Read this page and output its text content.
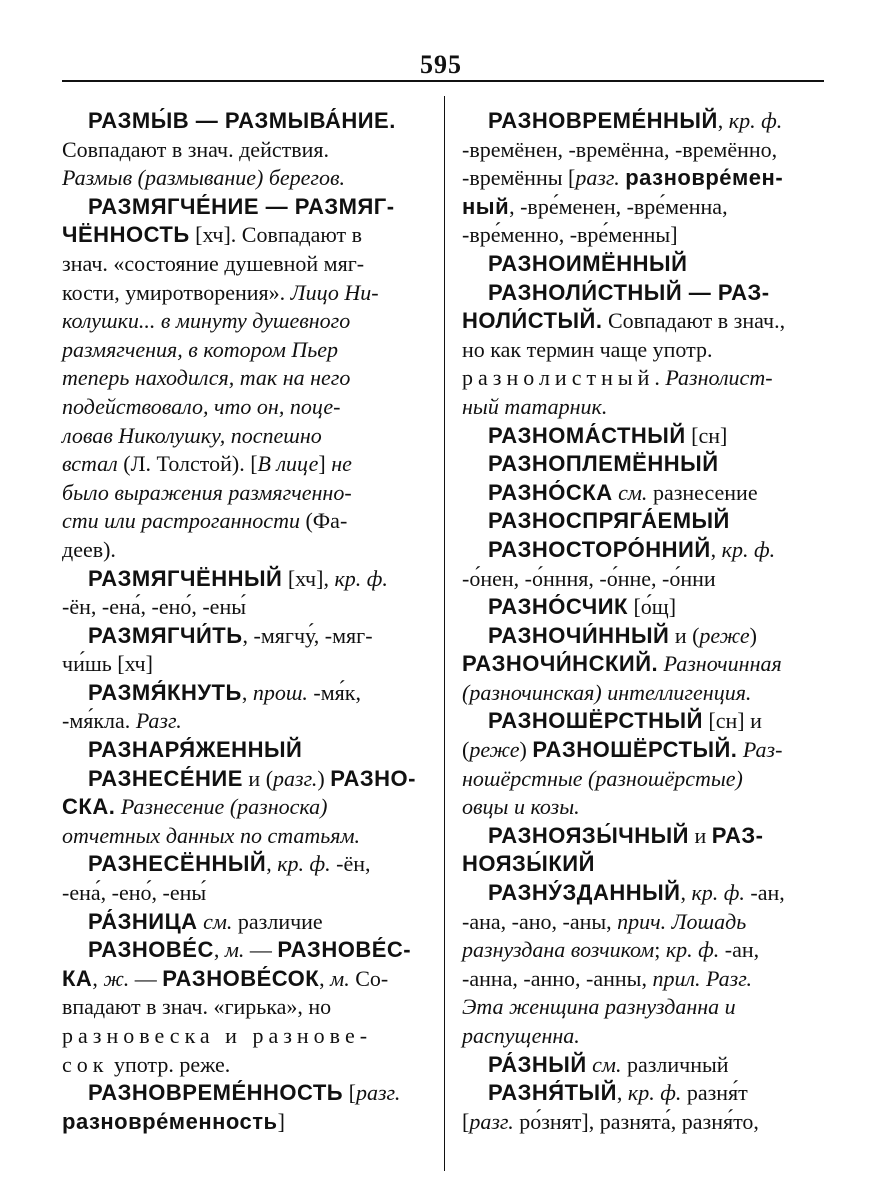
595
РАЗМЫ́В — РАЗМЫВА́НИЕ.
Совпадают в знач. действия.
Размыв (размывание) берегов.
РАЗМЯГЧЕ́НИЕ — РАЗМЯГ-
ЧЁННОСТЬ [хч]. Совпадают в
знач. «состояние душевной мяг-
кости, умиротворения». Лицо Ни-
колушки... в минуту душевного
размягчения, в котором Пьер
теперь находился, так на него
подействовало, что он, поце-
ловав Николушку, поспешно
встал (Л. Толстой). [В лице] не
было выражения размягченно-
сти или растроганности (Фа-
деев).
РАЗМЯГЧЁННЫЙ [хч], кр. ф.
-ён, -ена́, -ено́, -ены́
РАЗМЯГЧИ́ТЬ, -мягчу́, -мяг-
чи́шь [хч]
РАЗМЯ́КНУТЬ, прош. -мя́к,
-мя́кла. Разг.
РАЗНАРЯ́ЖЕННЫЙ
РАЗНЕСЕ́НИЕ и (разг.) РАЗНО-
СКА. Разнесение (разноска)
отчетных данных по статьям.
РАЗНЕСЁННЫЙ, кр. ф. -ён,
-ена́, -ено́, -ены́
РА́ЗНИЦА см. различие
РАЗНОВЕ́С, м. — РАЗНОВЕ́С-
КА, ж. — РАЗНОВЕ́СОК, м. Со-
впадают в знач. «гирька», но
разновеска и разнове-
сок употр. реже.
РАЗНОВРЕМЕ́ННОСТЬ [разг.
разновре́менность]
РАЗНОВРЕМЕ́ННЫЙ, кр. ф.
-времёнен, -времённа, -времённо,
-времённы [разг. разновре́мен-
ный, -вре́менен, -вре́менна,
-вре́менно, -вре́менны]
РАЗНОИМЁННЫЙ
РАЗНОЛИ́СТНЫЙ — РАЗ-
НОЛИ́СТЫЙ. Совпадают в знач.,
но как термин чаще употр.
разнолистный. Разнолист-
ный татарник.
РАЗНОМА́СТНЫЙ [сн]
РАЗНОПЛЕМЁННЫЙ
РАЗНО́СКА см. разнесение
РАЗНОСПРЯГА́ЕМЫЙ
РАЗНОСТОРО́ННИЙ, кр. ф.
-о́нен, -о́нння, -о́нне, -о́нни
РАЗНО́СЧИК [о́щ]
РАЗНОЧИ́ННЫЙ и (реже)
РАЗНОЧИ́НСКИЙ. Разночинная
(разночинская) интеллигенция.
РАЗНОШЁРСТНЫЙ [сн] и
(реже) РАЗНОШЁРСТЫЙ. Раз-
ношёрстные (разношёрстые)
овцы и козы.
РАЗНОЯЗЫ́ЧНЫЙ и РАЗ-
НОЯЗЫ́КИЙ
РАЗНУ́ЗДАННЫЙ, кр. ф. -ан,
-ана, -ано, -аны, прич. Лошадь
разнуздана возчиком; кр. ф. -ан,
-анна, -анно, -анны, прил. Разг.
Эта женщина разнузданна и
распущенна.
РА́ЗНЫЙ см. различный
РАЗНЯ́ТЫЙ, кр. ф. разня́т
[разг. ро́знят], разнята́, разня́то,
